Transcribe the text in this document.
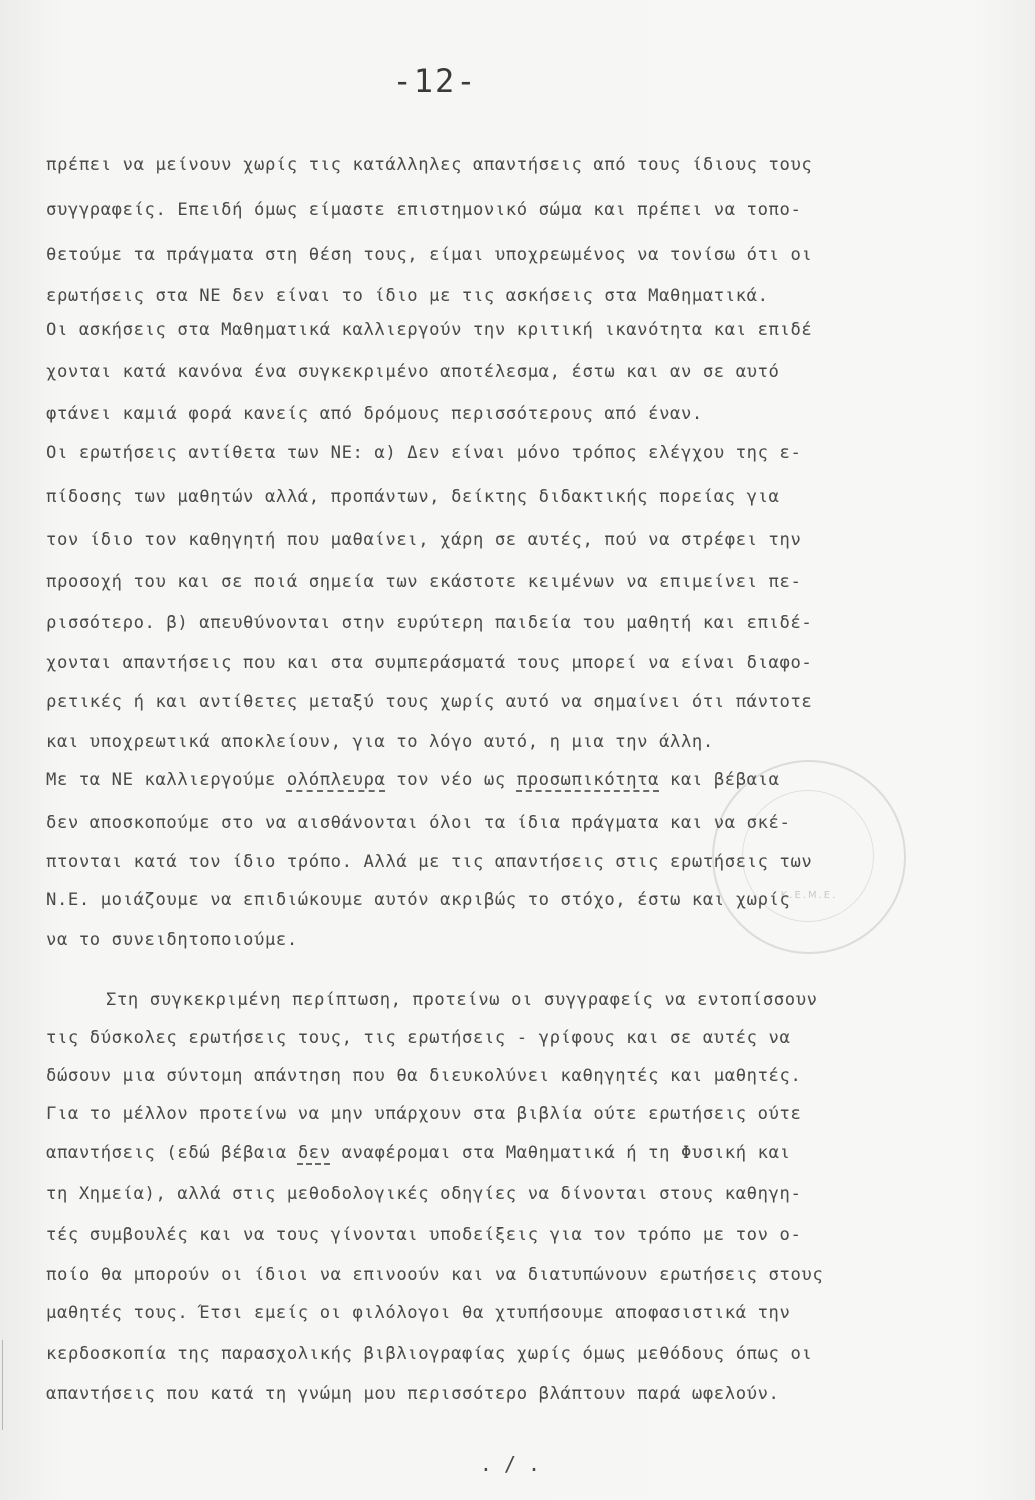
-12-
Κ.Ε.Μ.Ε.
πρέπει να μείνουν χωρίς τις κατάλληλες απαντήσεις από τους ίδιους τους
συγγραφείς. Επειδή όμως είμαστε επιστημονικό σώμα και πρέπει να τοπο-
θετούμε τα πράγματα στη θέση τους, είμαι υποχρεωμένος να τονίσω ότι οι
ερωτήσεις στα ΝΕ δεν είναι το ίδιο με τις ασκήσεις στα Μαθηματικά.
Οι ασκήσεις στα Μαθηματικά καλλιεργούν την κριτική ικανότητα και επιδέ
χονται κατά κανόνα ένα συγκεκριμένο αποτέλεσμα, έστω και αν σε αυτό
φτάνει καμιά φορά κανείς από δρόμους περισσότερους από έναν.
Οι ερωτήσεις αντίθετα των ΝΕ: α) Δεν είναι μόνο τρόπος ελέγχου της ε-
πίδοσης των μαθητών αλλά, προπάντων, δείκτης διδακτικής πορείας για
τον ίδιο τον καθηγητή που μαθαίνει, χάρη σε αυτές, πού να στρέφει την
προσοχή του και σε ποιά σημεία των εκάστοτε κειμένων να επιμείνει πε-
ρισσότερο. β) απευθύνονται στην ευρύτερη παιδεία του μαθητή και επιδέ-
χονται απαντήσεις που και στα συμπεράσματά τους μπορεί να είναι διαφο-
ρετικές ή και αντίθετες μεταξύ τους χωρίς αυτό να σημαίνει ότι πάντοτε
και υποχρεωτικά αποκλείουν, για το λόγο αυτό, η μια την άλλη.
Με τα ΝΕ καλλιεργούμε ολόπλευρα τον νέο ως προσωπικότητα και βέβαια
δεν αποσκοπούμε στο να αισθάνονται όλοι τα ίδια πράγματα και να σκέ-
πτονται κατά τον ίδιο τρόπο. Αλλά με τις απαντήσεις στις ερωτήσεις των
Ν.Ε. μοιάζουμε να επιδιώκουμε αυτόν ακριβώς το στόχο, έστω και χωρίς
να το συνειδητοποιούμε.
Στη συγκεκριμένη περίπτωση, προτείνω οι συγγραφείς να εντοπίσσουν
τις δύσκολες ερωτήσεις τους, τις ερωτήσεις - γρίφους και σε αυτές να
δώσουν μια σύντομη απάντηση που θα διευκολύνει καθηγητές και μαθητές.
Για το μέλλον προτείνω να μην υπάρχουν στα βιβλία ούτε ερωτήσεις ούτε
απαντήσεις (εδώ βέβαια δεν αναφέρομαι στα Μαθηματικά ή τη Φυσική και
τη Χημεία), αλλά στις μεθοδολογικές οδηγίες να δίνονται στους καθηγη-
τές συμβουλές και να τους γίνονται υποδείξεις για τον τρόπο με τον ο-
ποίο θα μπορούν οι ίδιοι να επινοούν και να διατυπώνουν ερωτήσεις στους
μαθητές τους. Έτσι εμείς οι φιλόλογοι θα χτυπήσουμε αποφασιστικά την
κερδοσκοπία της παρασχολικής βιβλιογραφίας χωρίς όμως μεθόδους όπως οι
απαντήσεις που κατά τη γνώμη μου περισσότερο βλάπτουν παρά ωφελούν.
. / .
